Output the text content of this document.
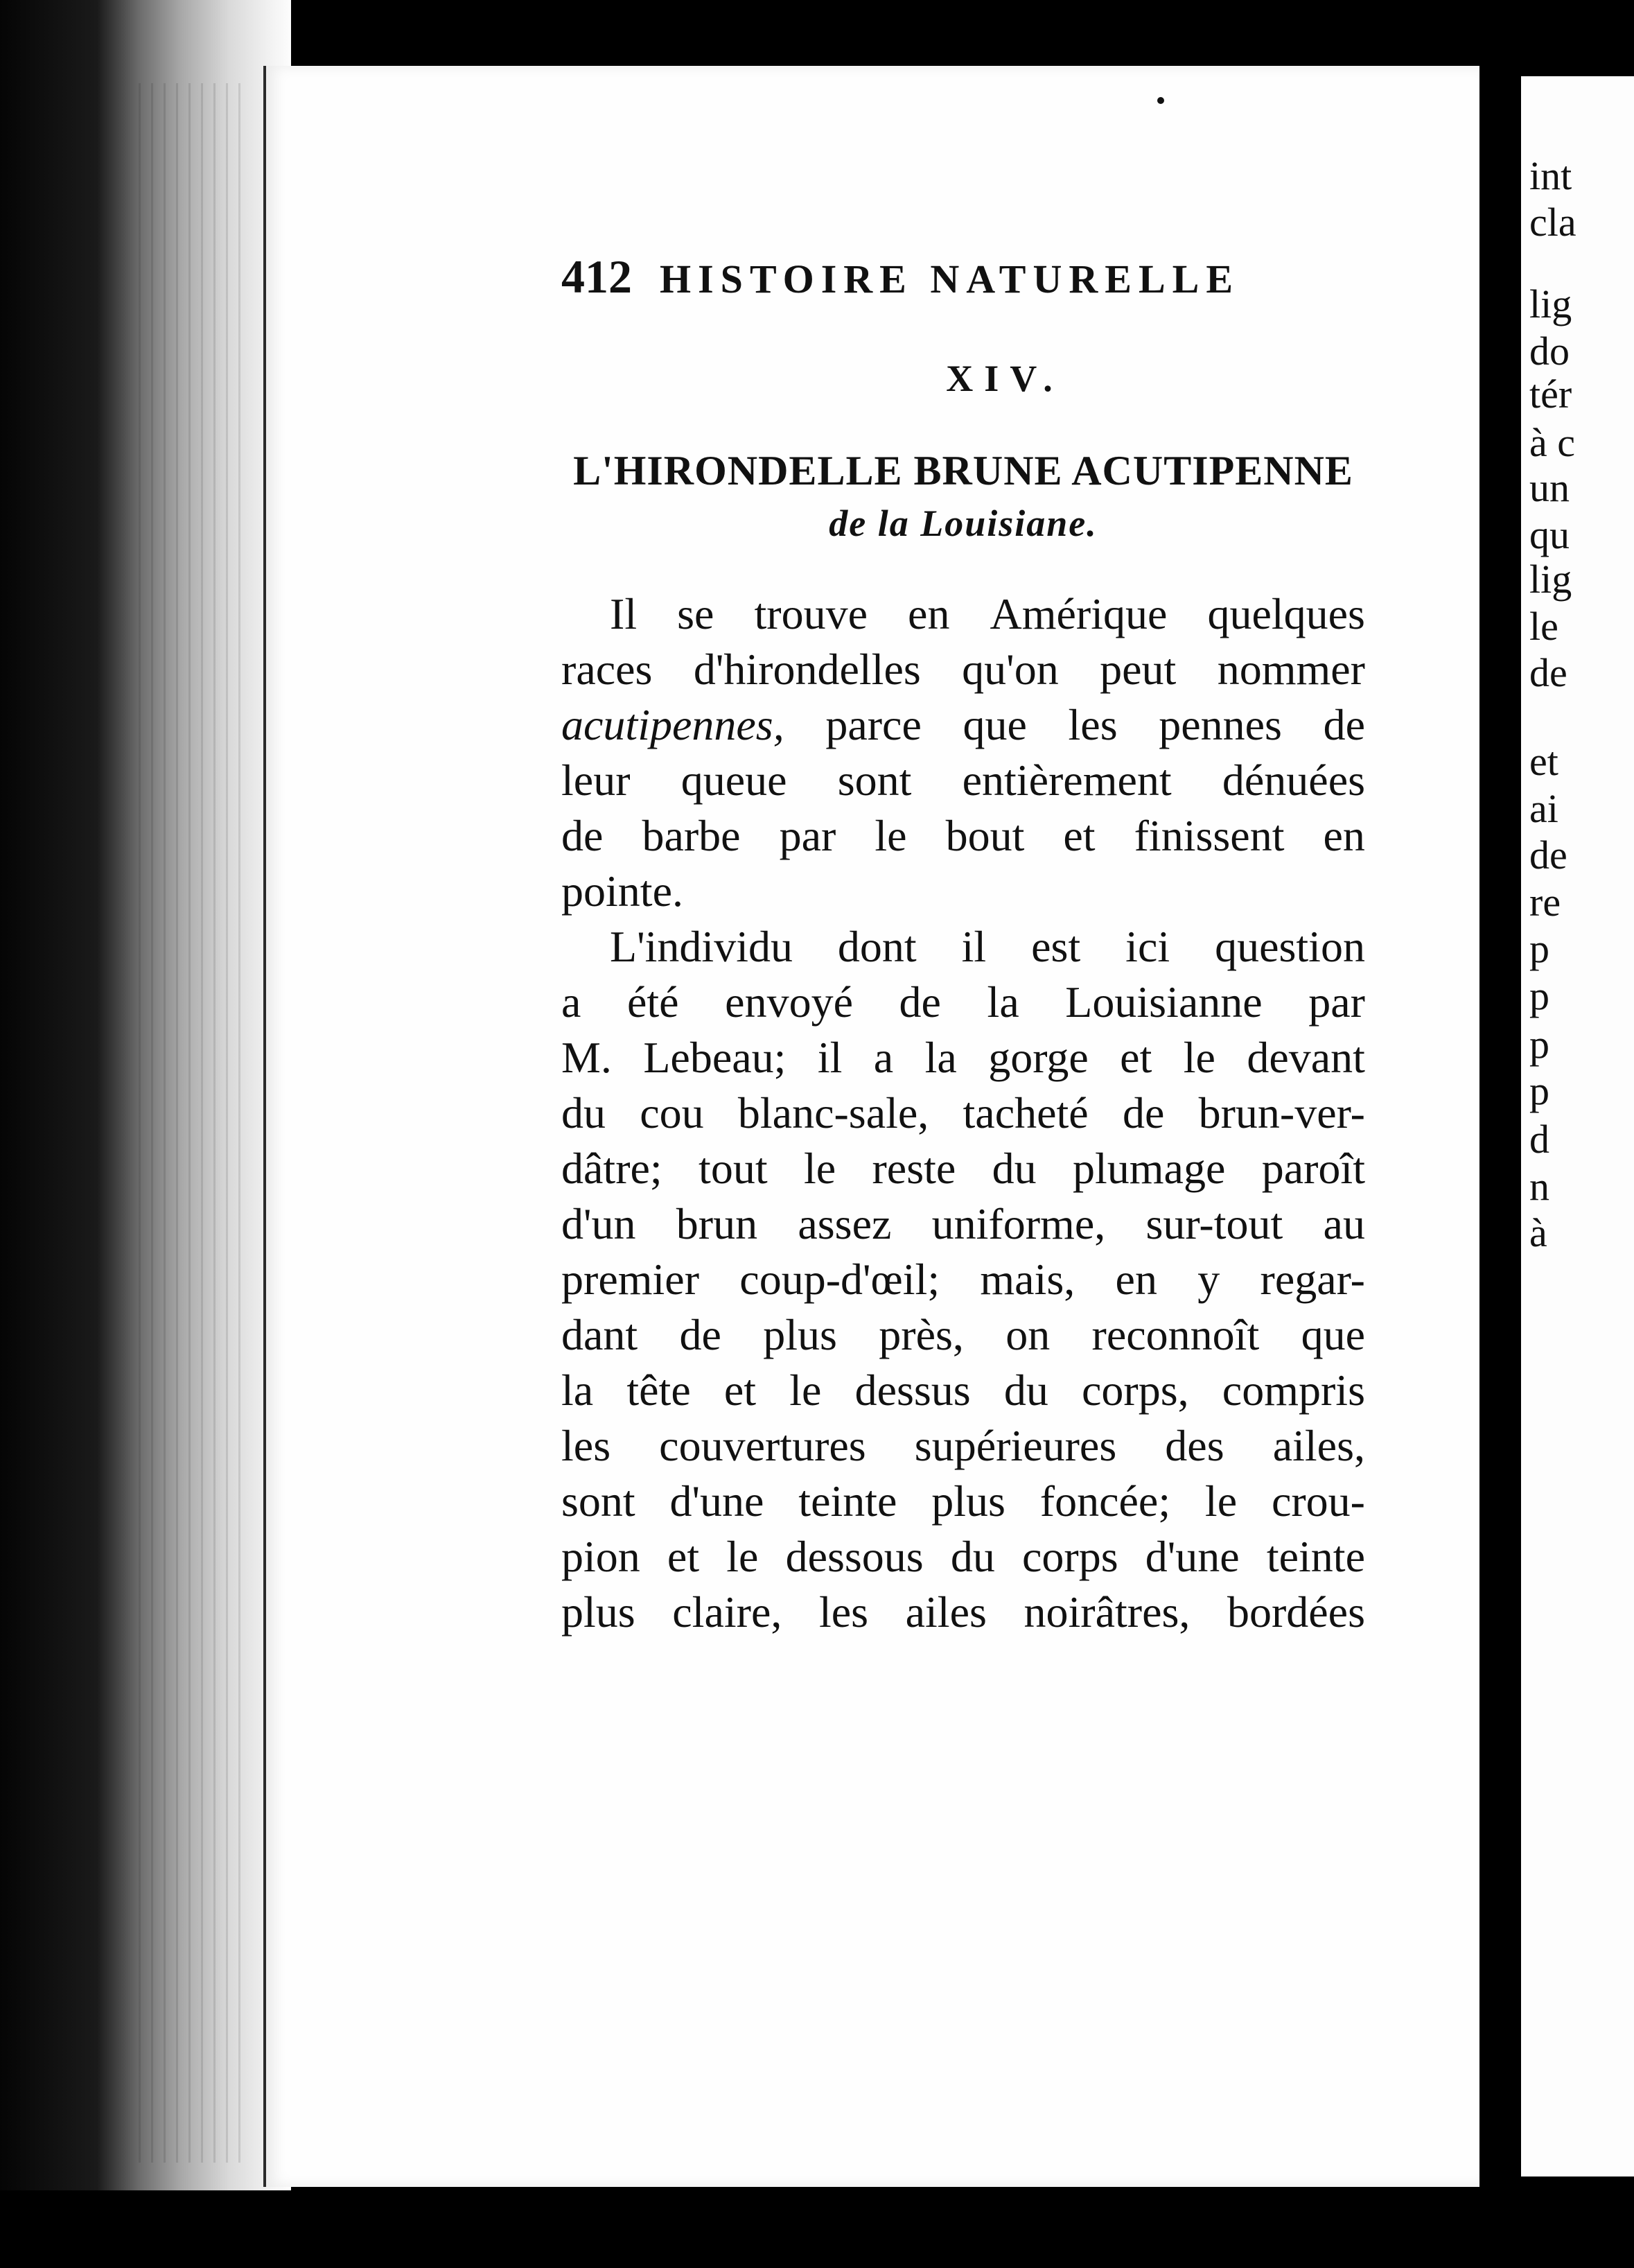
int
cla
lig
do
tér
à c
un
qu
lig
le
de
et
ai
de
re
p
p
p
p
d
n
à
412 HISTOIRE NATURELLE
XIV.
L'HIRONDELLE BRUNE ACUTIPENNE
de la Louisiane.
Il se trouve en Amérique quelques
races d'hirondelles qu'on peut nommer
acutipennes, parce que les pennes de
leur queue sont entièrement dénuées
de barbe par le bout et finissent en
pointe.
L'individu dont il est ici question
a été envoyé de la Louisianne par
M. Lebeau; il a la gorge et le devant
du cou blanc-sale, tacheté de brun-ver-
dâtre; tout le reste du plumage paroît
d'un brun assez uniforme, sur-tout au
premier coup-d'œil; mais, en y regar-
dant de plus près, on reconnoît que
la tête et le dessus du corps, compris
les couvertures supérieures des ailes,
sont d'une teinte plus foncée; le crou-
pion et le dessous du corps d'une teinte
plus claire, les ailes noirâtres, bordées
